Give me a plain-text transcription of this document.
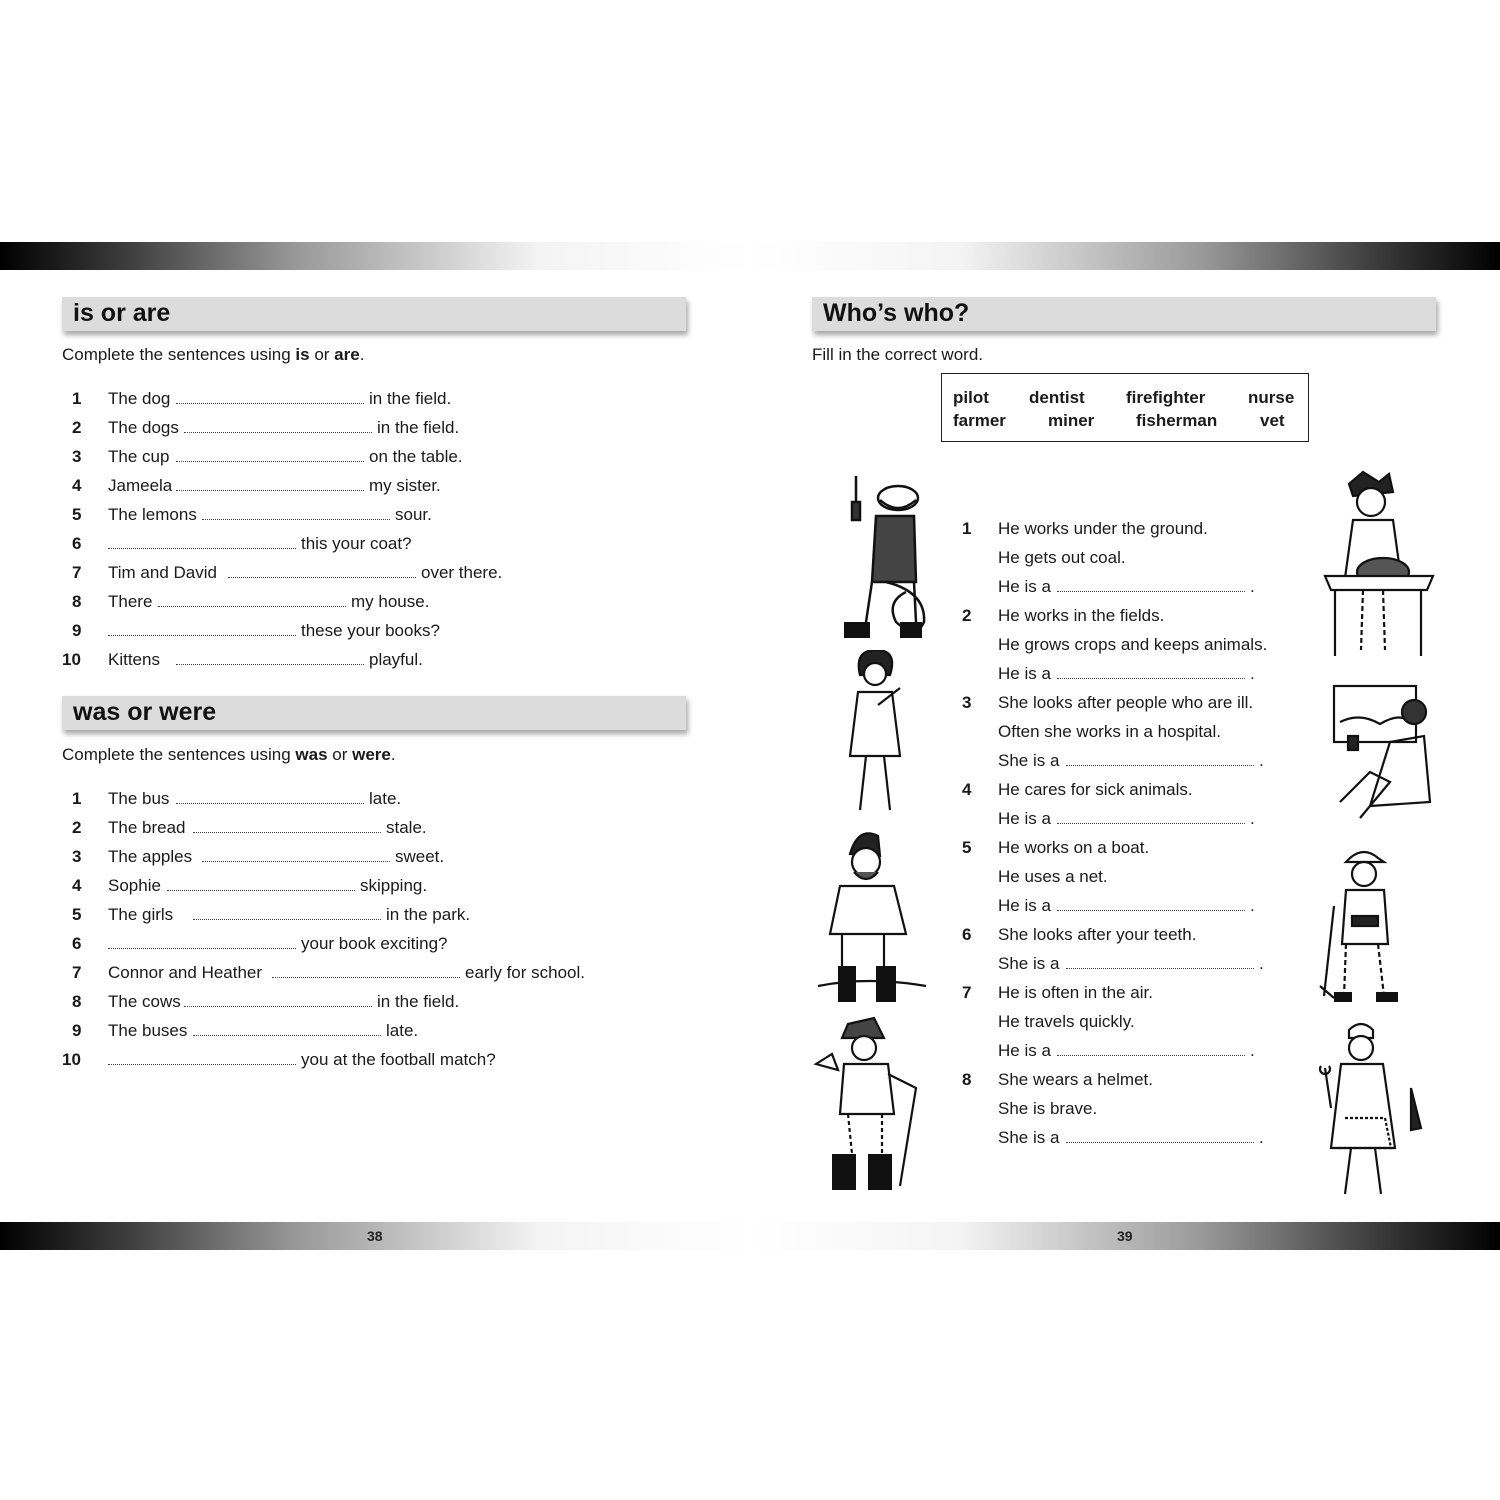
38	39
is or are
Complete the sentences using is or are.
1 The dog	in the field.
2 The dogs	in the field.
3 The cup	on the table.
4 Jameela	my sister.
5 The lemons	sour.
6	this your coat?
7 Tim and David	over there.
8 There	my house.
9	these your books?
10 Kittens	playful.
was or were
Complete the sentences using was or were.
1 The bus	late.
2 The bread	stale.
3 The apples	sweet.
4 Sophie	skipping.
5 The girls	in the park.
6	your book exciting?
7 Connor and Heather	early for school.
8 The cows	in the field.
9 The buses	late.
10	you at the football match?
Who’s who?
Fill in the correct word.
pilot dentist firefighter	nurse
farmer miner fisherman	vet
1 He works under the ground.
He gets out coal.
He is a	.
2 He works in the fields.
He grows crops and keeps animals.
He is a	.
3 She looks after people who are ill.
Often she works in a hospital.
She is a	.
4 He cares for sick animals.
He is a	.
5 He works on a boat.
He uses a net.
He is a	.
6 She looks after your teeth.
She is a	.
7 He is often in the air.
He travels quickly.
He is a	.
8 She wears a helmet.
She is brave.
She is a	.
